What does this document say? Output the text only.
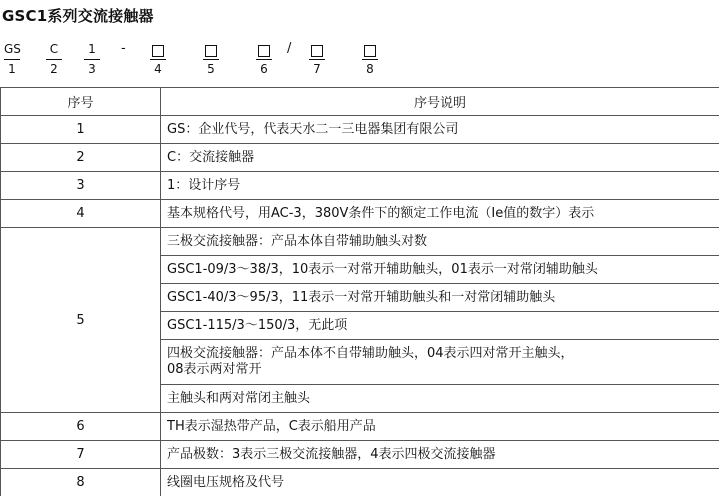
GSC1系列交流接触器
GS
1
C
2
1
3
-
4	5	6
/
7	8
序号	序号说明
1	GS：企业代号，代表天水二一三电器集团有限公司
2	C：交流接触器
3	1：设计序号
4	基本规格代号，用AC-3，380V条件下的额定工作电流（Ie值的数字）表示
5	三极交流接触器：产品本体自带辅助触头对数
	GSC1-09/3～38/3，10表示一对常开辅助触头，01表示一对常闭辅助触头
	GSC1-40/3～95/3，11表示一对常开辅助触头和一对常闭辅助触头
	GSC1-115/3～150/3，无此项
	四极交流接触器：产品本体不自带辅助触头，04表示四对常开主触头，
08表示两对常开
	主触头和两对常闭主触头
6	TH表示湿热带产品，C表示船用产品
7	产品极数：3表示三极交流接触器，4表示四极交流接触器
8	线圈电压规格及代号
